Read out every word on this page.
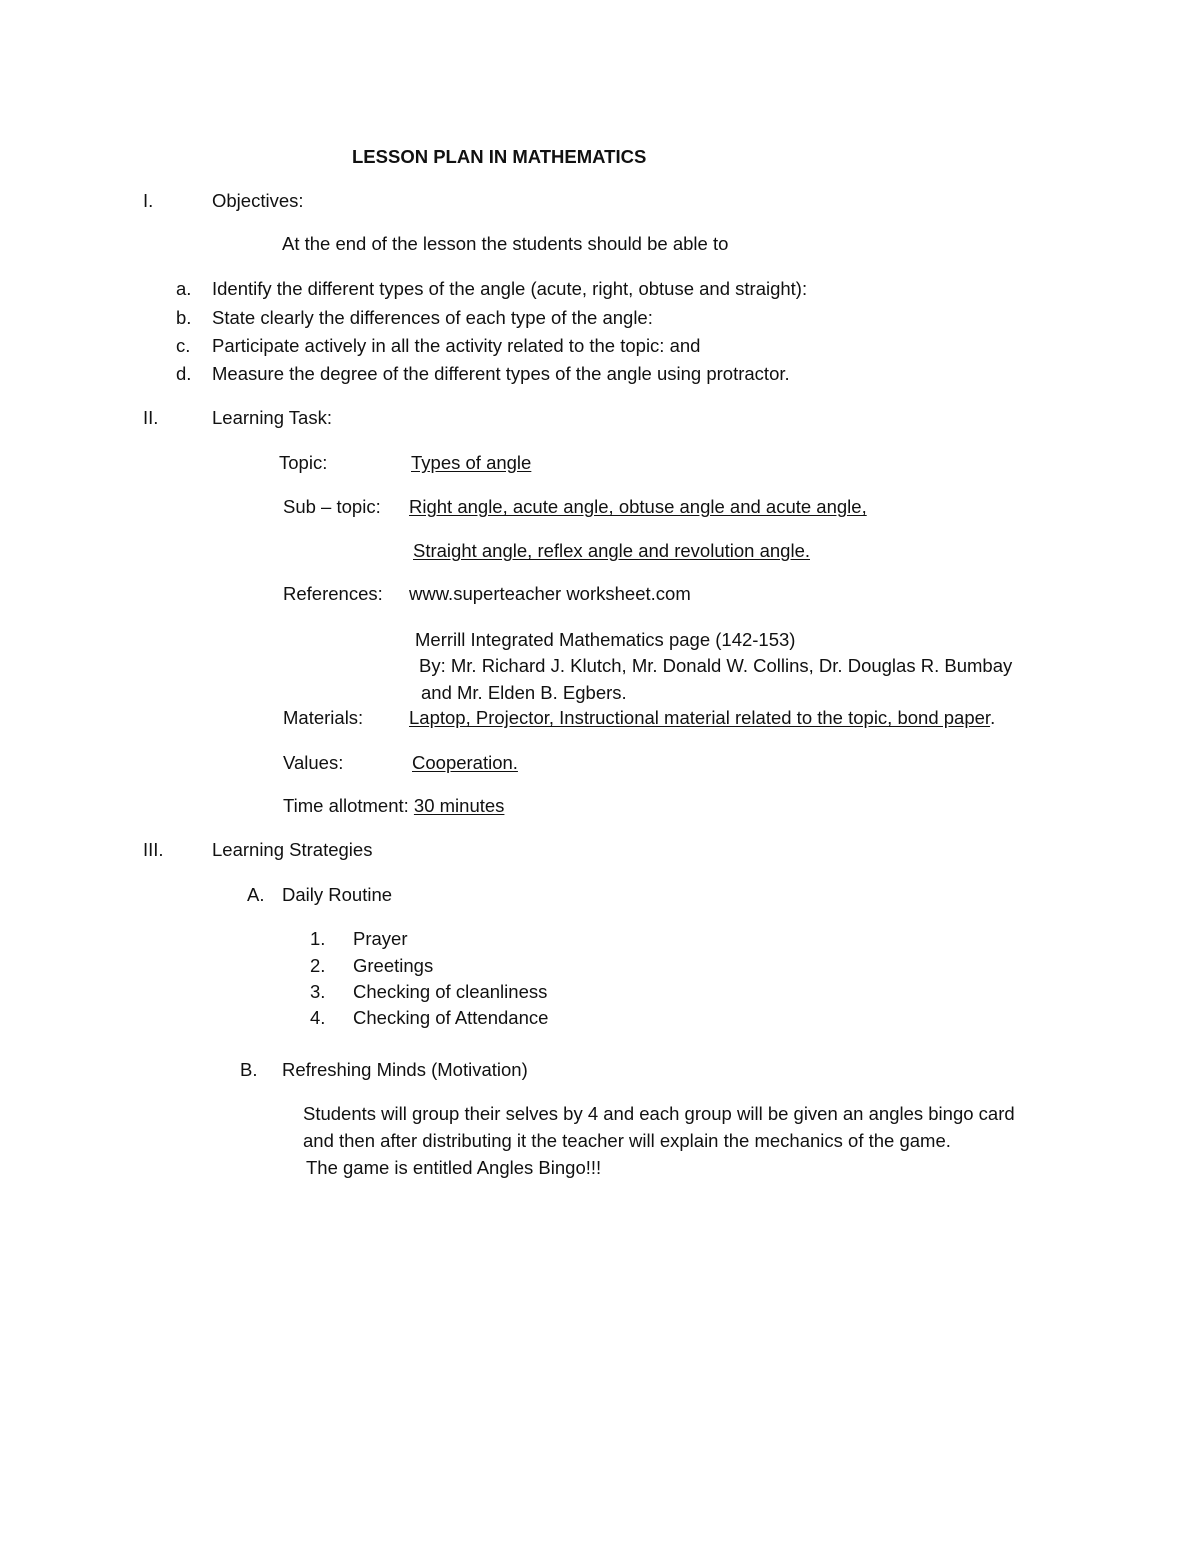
LESSON PLAN IN MATHEMATICS
I.	Objectives:
At the end of the lesson the students should be able to
a. Identify the different types of the angle (acute, right, obtuse and straight):
b. State clearly the differences of each type of the angle:
c. Participate actively in all the activity related to the topic: and
d. Measure the degree of the different types of the angle using protractor.
II.	Learning Task:
Topic:	Types of angle
Sub – topic: Right angle, acute angle, obtuse angle and acute angle,
Straight angle, reflex angle and revolution angle.
References: www.superteacher worksheet.com
Merrill Integrated Mathematics page (142-153)
By: Mr. Richard J. Klutch, Mr. Donald W. Collins, Dr. Douglas R. Bumbay
and Mr. Elden B. Egbers.
Materials: Laptop, Projector, Instructional material related to the topic, bond paper.
Values:	Cooperation.
Time allotment: 30 minutes
III.	Learning Strategies
A. Daily Routine
1. Prayer
2. Greetings
3. Checking of cleanliness
4. Checking of Attendance
B. Refreshing Minds (Motivation)
Students will group their selves by 4 and each group will be given an angles bingo card
and then after distributing it the teacher will explain the mechanics of the game.
The game is entitled Angles Bingo!!!
